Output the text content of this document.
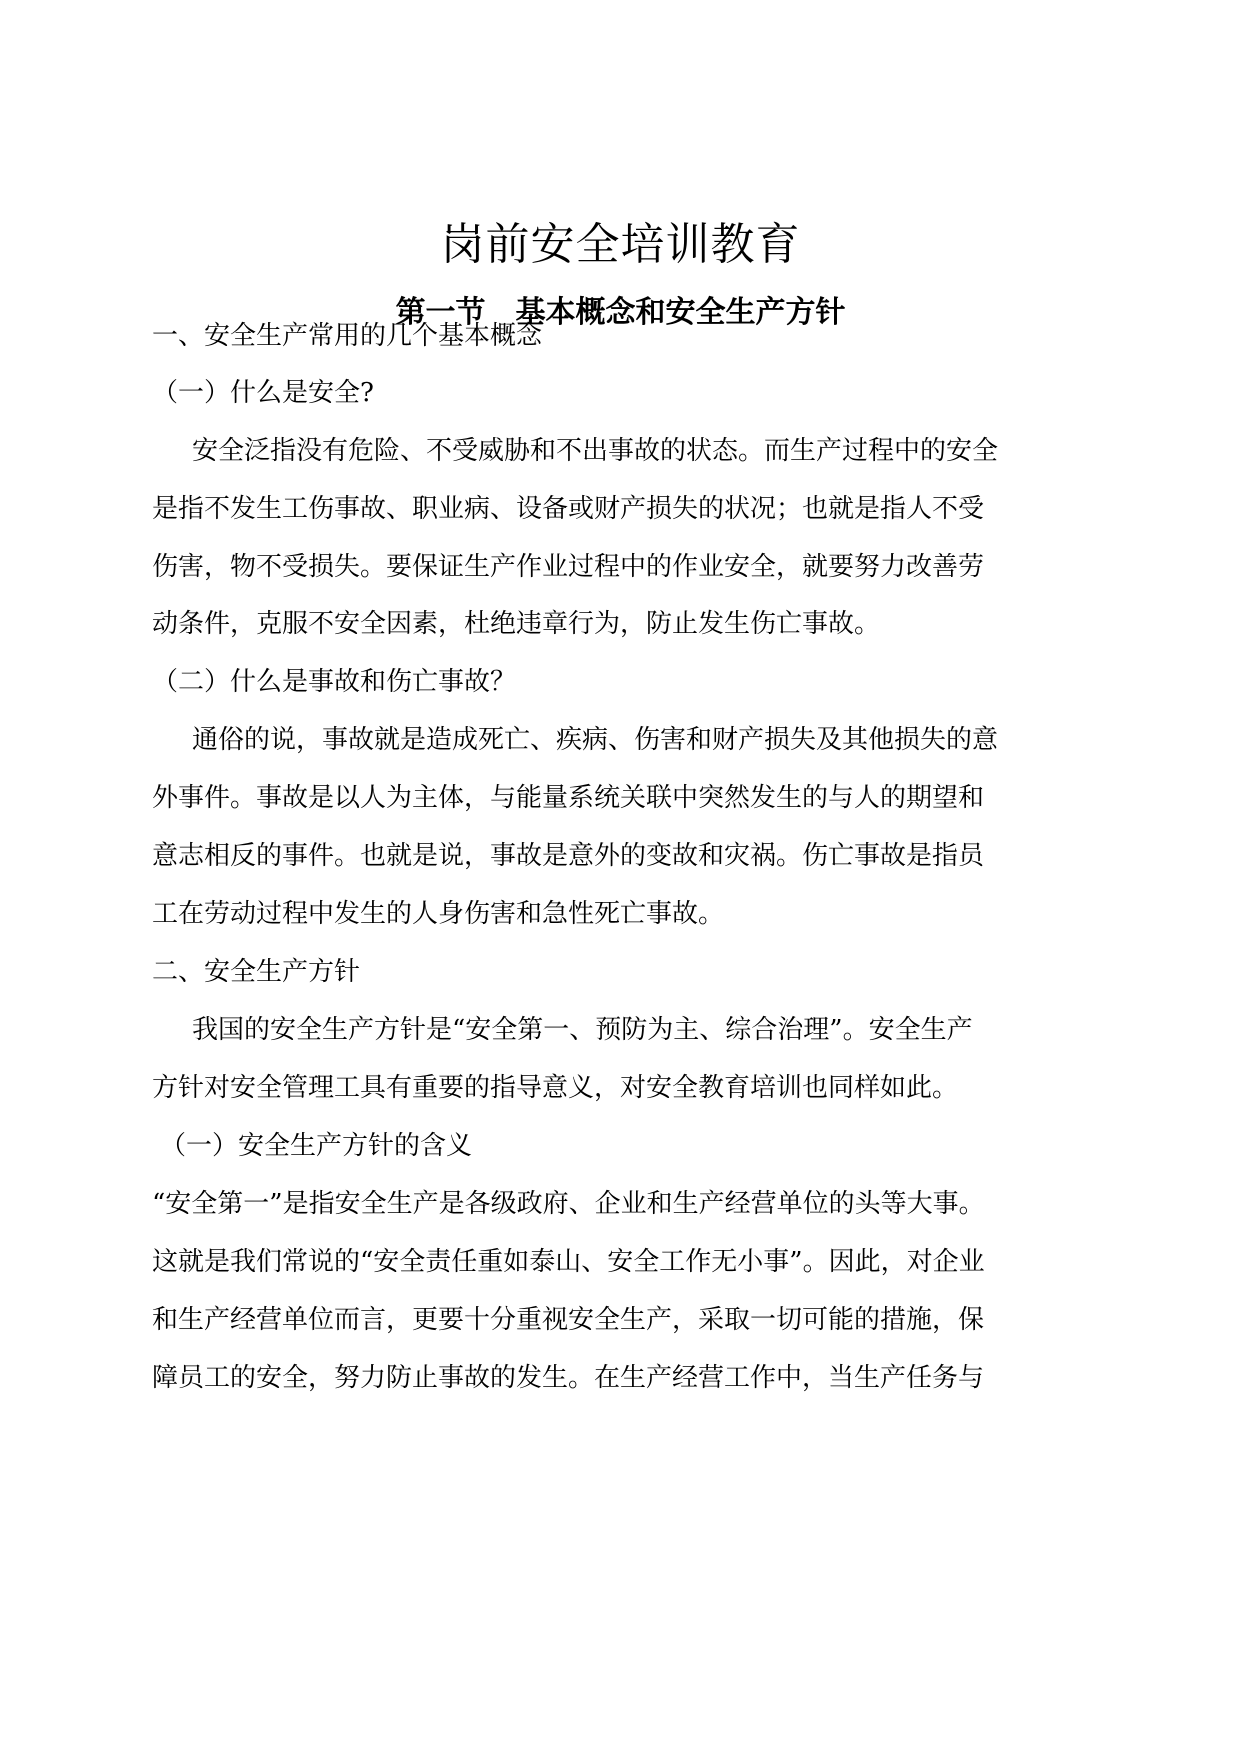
岗前安全培训教育
第一节　基本概念和安全生产方针
一、安全生产常用的几个基本概念
（一）什么是安全?
安全泛指没有危险、不受威胁和不出事故的状态。而生产过程中的安全
是指不发生工伤事故、职业病、设备或财产损失的状况；也就是指人不受
伤害，物不受损失。要保证生产作业过程中的作业安全，就要努力改善劳
动条件，克服不安全因素，杜绝违章行为，防止发生伤亡事故。
（二）什么是事故和伤亡事故？
通俗的说，事故就是造成死亡、疾病、伤害和财产损失及其他损失的意
外事件。事故是以人为主体，与能量系统关联中突然发生的与人的期望和
意志相反的事件。也就是说，事故是意外的变故和灾祸。伤亡事故是指员
工在劳动过程中发生的人身伤害和急性死亡事故。
二、安全生产方针
我国的安全生产方针是“安全第一、预防为主、综合治理”。安全生产
方针对安全管理工具有重要的指导意义，对安全教育培训也同样如此。
（一）安全生产方针的含义
“安全第一”是指安全生产是各级政府、企业和生产经营单位的头等大事。
这就是我们常说的“安全责任重如泰山、安全工作无小事”。因此，对企业
和生产经营单位而言，更要十分重视安全生产，采取一切可能的措施，保
障员工的安全，努力防止事故的发生。在生产经营工作中，当生产任务与
